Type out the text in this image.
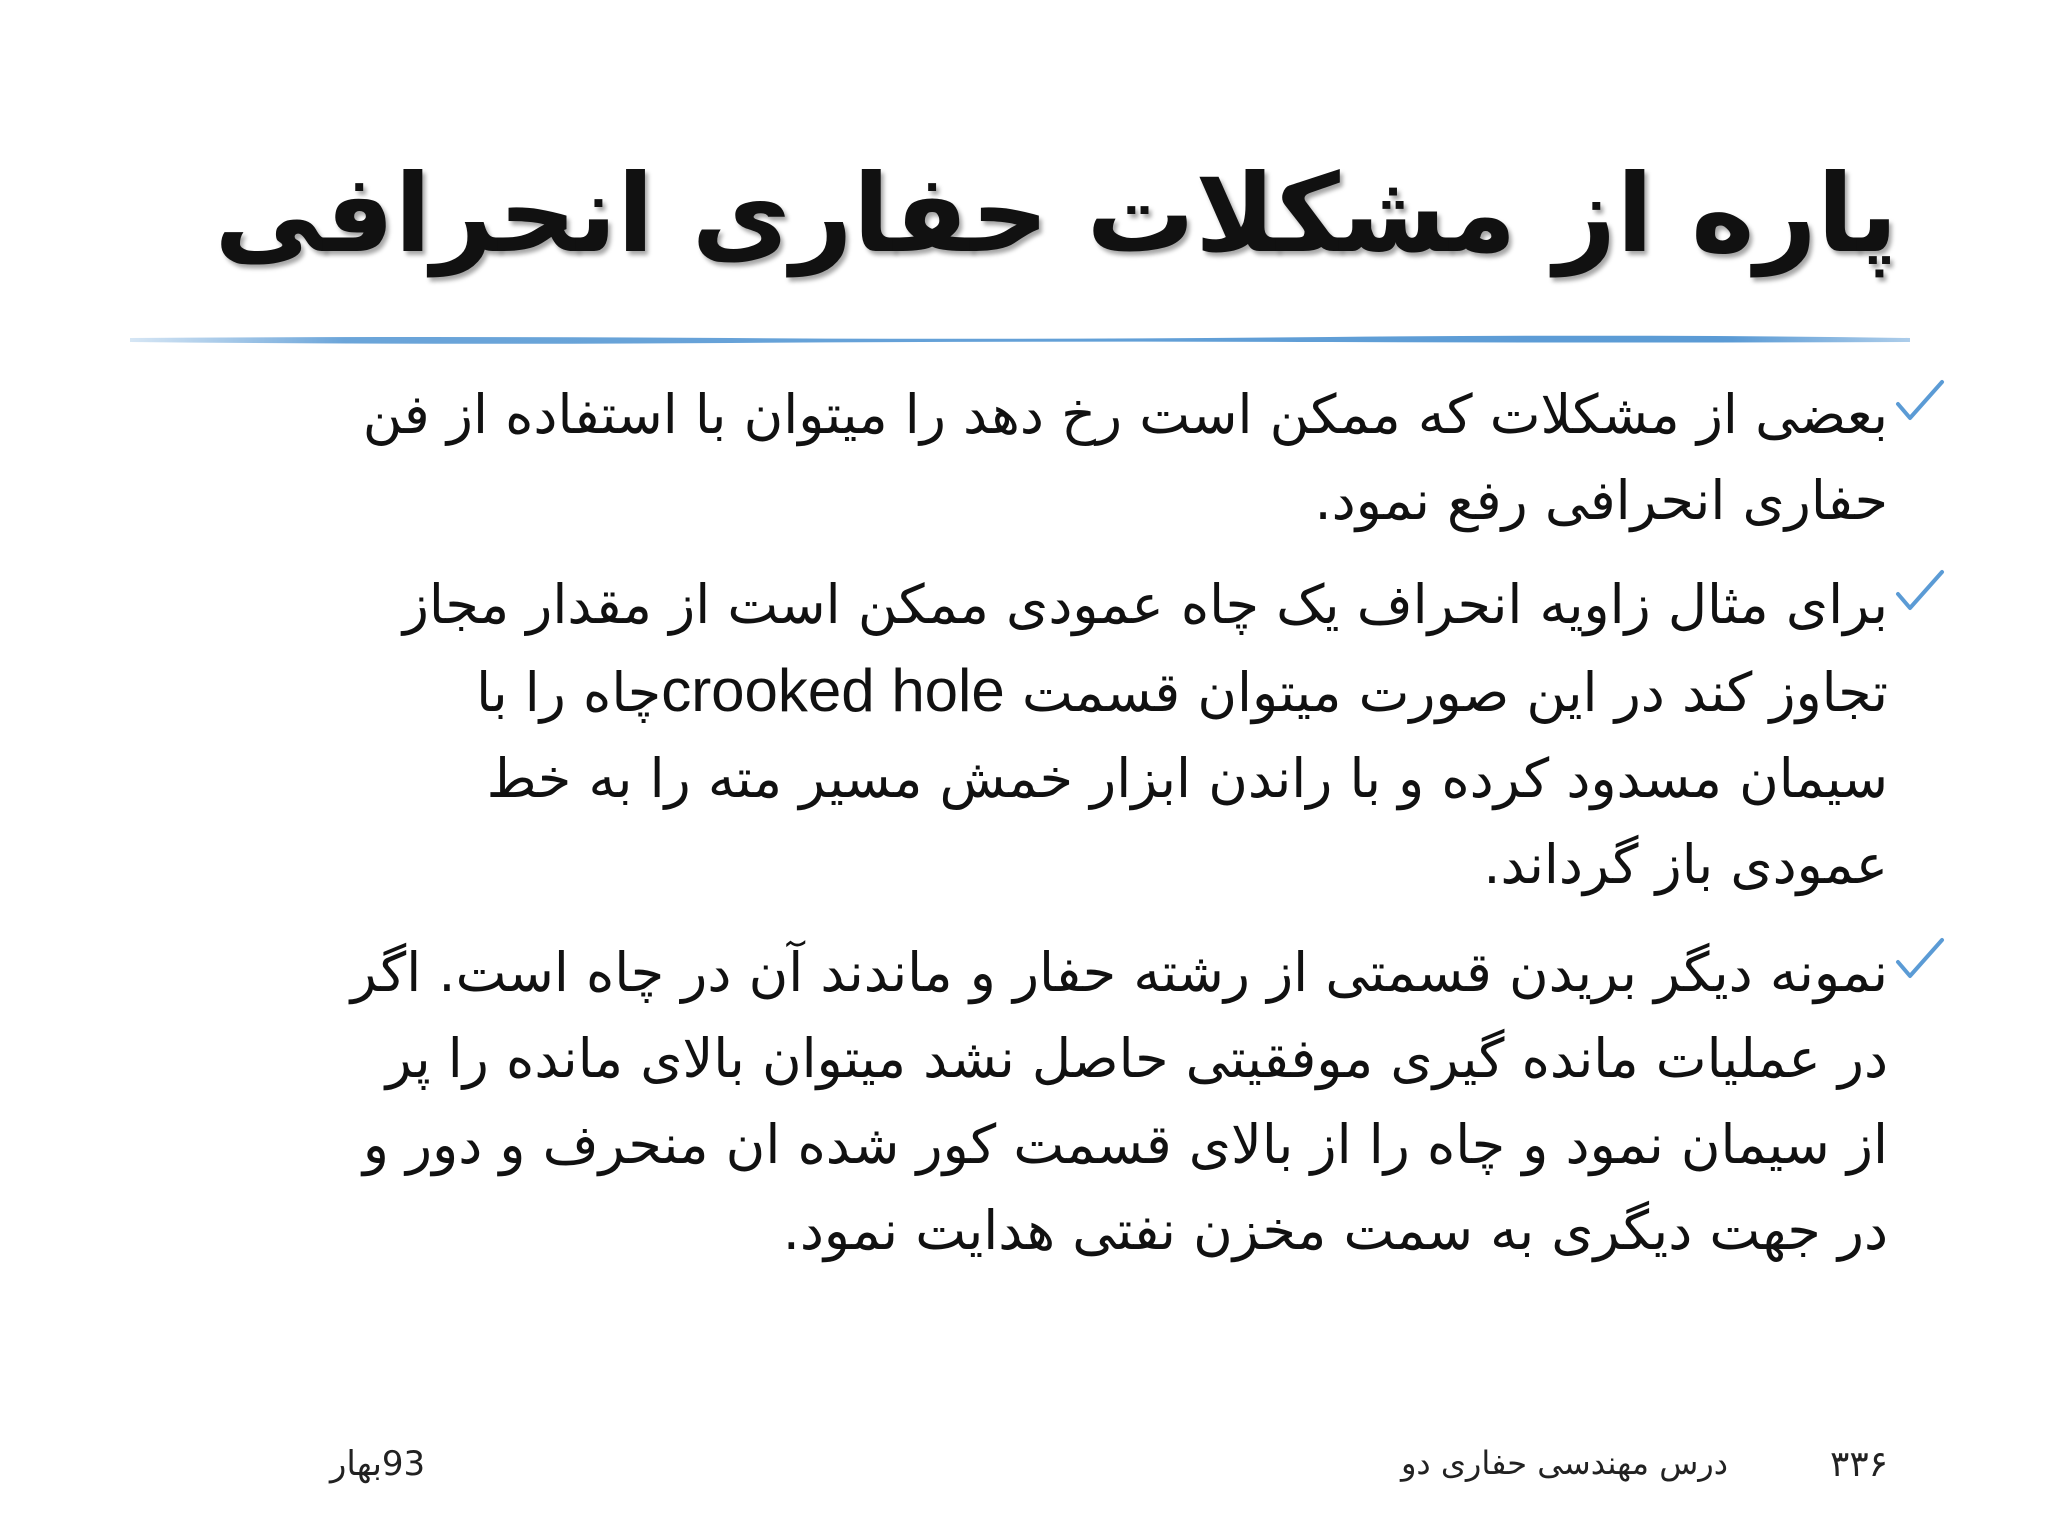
پاره از مشکلات حفاری انحرافی
بعضی از مشکلات که ممکن است رخ دهد را میتوان با استفاده از فن
حفاری انحرافی رفع نمود.
برای مثال زاویه انحراف یک چاه عمودی ممکن است از مقدار مجاز
تجاوز کند در این صورت میتوان قسمت crooked holeچاه را با
سیمان مسدود کرده و با راندن ابزار خمش مسیر مته را به خط
عمودی باز گرداند.
نمونه دیگر بریدن قسمتی از رشته حفار و ماندند آن در چاه است. اگر
در عملیات مانده گیری موفقیتی حاصل نشد میتوان بالای مانده را پر
از سیمان نمود و چاه را از بالای قسمت کور شده ان منحرف و دور و
در جهت دیگری به سمت مخزن نفتی هدایت نمود.
۳۳۶
درس مهندسی حفاری دو
93بهار
